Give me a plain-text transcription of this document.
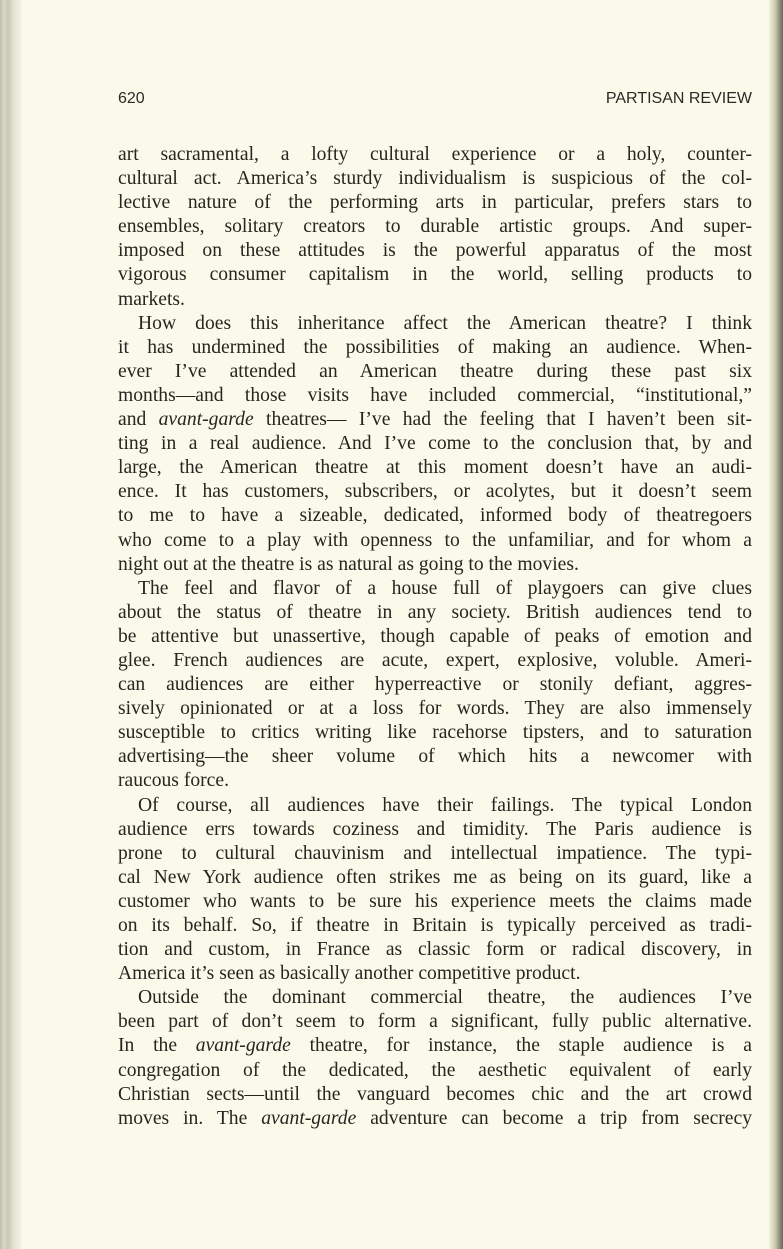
620	PARTISAN REVIEW
art sacramental, a lofty cultural experience or a holy, counter-
cultural act. America’s sturdy individualism is suspicious of the col-
lective nature of the performing arts in particular, prefers stars to
ensembles, solitary creators to durable artistic groups. And super-
imposed on these attitudes is the powerful apparatus of the most
vigorous consumer capitalism in the world, selling products to
markets.
How does this inheritance affect the American theatre? I think
it has undermined the possibilities of making an audience. When-
ever I’ve attended an American theatre during these past six
months—and those visits have included commercial, “institutional,”
and avant-garde theatres— I’ve had the feeling that I haven’t been sit-
ting in a real audience. And I’ve come to the conclusion that, by and
large, the American theatre at this moment doesn’t have an audi-
ence. It has customers, subscribers, or acolytes, but it doesn’t seem
to me to have a sizeable, dedicated, informed body of theatregoers
who come to a play with openness to the unfamiliar, and for whom a
night out at the theatre is as natural as going to the movies.
The feel and flavor of a house full of playgoers can give clues
about the status of theatre in any society. British audiences tend to
be attentive but unassertive, though capable of peaks of emotion and
glee. French audiences are acute, expert, explosive, voluble. Ameri-
can audiences are either hyperreactive or stonily defiant, aggres-
sively opinionated or at a loss for words. They are also immensely
susceptible to critics writing like racehorse tipsters, and to saturation
advertising—the sheer volume of which hits a newcomer with
raucous force.
Of course, all audiences have their failings. The typical London
audience errs towards coziness and timidity. The Paris audience is
prone to cultural chauvinism and intellectual impatience. The typi-
cal New York audience often strikes me as being on its guard, like a
customer who wants to be sure his experience meets the claims made
on its behalf. So, if theatre in Britain is typically perceived as tradi-
tion and custom, in France as classic form or radical discovery, in
America it’s seen as basically another competitive product.
Outside the dominant commercial theatre, the audiences I’ve
been part of don’t seem to form a significant, fully public alternative.
In the avant-garde theatre, for instance, the staple audience is a
congregation of the dedicated, the aesthetic equivalent of early
Christian sects—until the vanguard becomes chic and the art crowd
moves in. The avant-garde adventure can become a trip from secrecy
